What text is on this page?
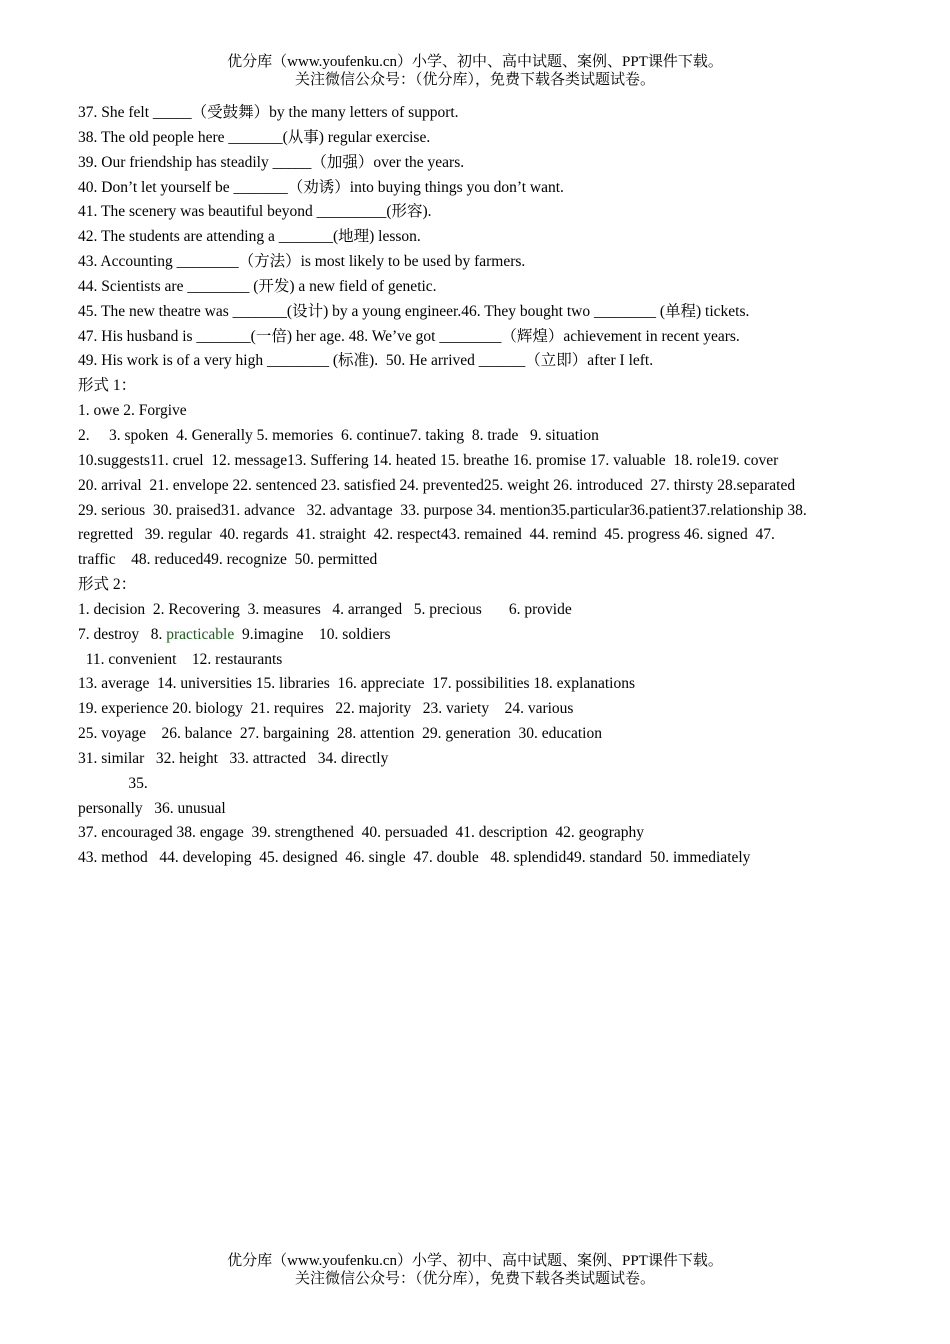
优分库（www.youfenku.cn）小学、初中、高中试题、案例、PPT课件下载。
关注微信公众号：（优分库），免费下载各类试题试卷。
37. She felt _____（受鼓舞）by the many letters of support.
38. The old people here _______(从事) regular exercise.
39. Our friendship has steadily _____（加强）over the years.
40. Don’t let yourself be _______（劝诱）into buying things you don’t want.
41. The scenery was beautiful beyond _________(形容).
42. The students are attending a _______(地理) lesson.
43. Accounting ________（方法）is most likely to be used by farmers.
44. Scientists are ________ (开发) a new field of genetic.
45. The new theatre was _______(设计) by a young engineer.46. They bought two ________ (单程) tickets.
47. His husband is _______(一倍) her age. 48. We’ve got ________（辉煌）achievement in recent years.
49. His work is of a very high ________ (标准).  50. He arrived ______（立即）after I left.
形式 1：
1. owe 2. Forgive
2.     3. spoken  4. Generally 5. memories  6. continue7. taking  8. trade   9. situation
10.suggests11. cruel  12. message13. Suffering 14. heated 15. breathe 16. promise 17. valuable  18. role19. cover
20. arrival  21. envelope 22. sentenced 23. satisfied 24. prevented25. weight 26. introduced  27. thirsty 28.separated
29. serious  30. praised31. advance   32. advantage  33. purpose 34. mention35.particular36.patient37.relationship 38.
regretted   39. regular  40. regards  41. straight  42. respect43. remained  44. remind  45. progress 46. signed  47.
traffic    48. reduced49. recognize  50. permitted
形式 2：
1. decision  2. Recovering  3. measures   4. arranged   5. precious       6. provide
7. destroy   8. practicable  9.imagine    10. soldiers
11. convenient    12. restaurants
13. average  14. universities 15. libraries  16. appreciate  17. possibilities 18. explanations
19. experience 20. biology  21. requires   22. majority   23. variety    24. various
25. voyage    26. balance  27. bargaining  28. attention  29. generation  30. education
31. similar   32. height   33. attracted   34. directly
35.
personally   36. unusual
37. encouraged 38. engage  39. strengthened  40. persuaded  41. description  42. geography
43. method   44. developing  45. designed  46. single  47. double   48. splendid49. standard  50. immediately
优分库（www.youfenku.cn）小学、初中、高中试题、案例、PPT课件下载。
关注微信公众号：（优分库），免费下载各类试题试卷。
